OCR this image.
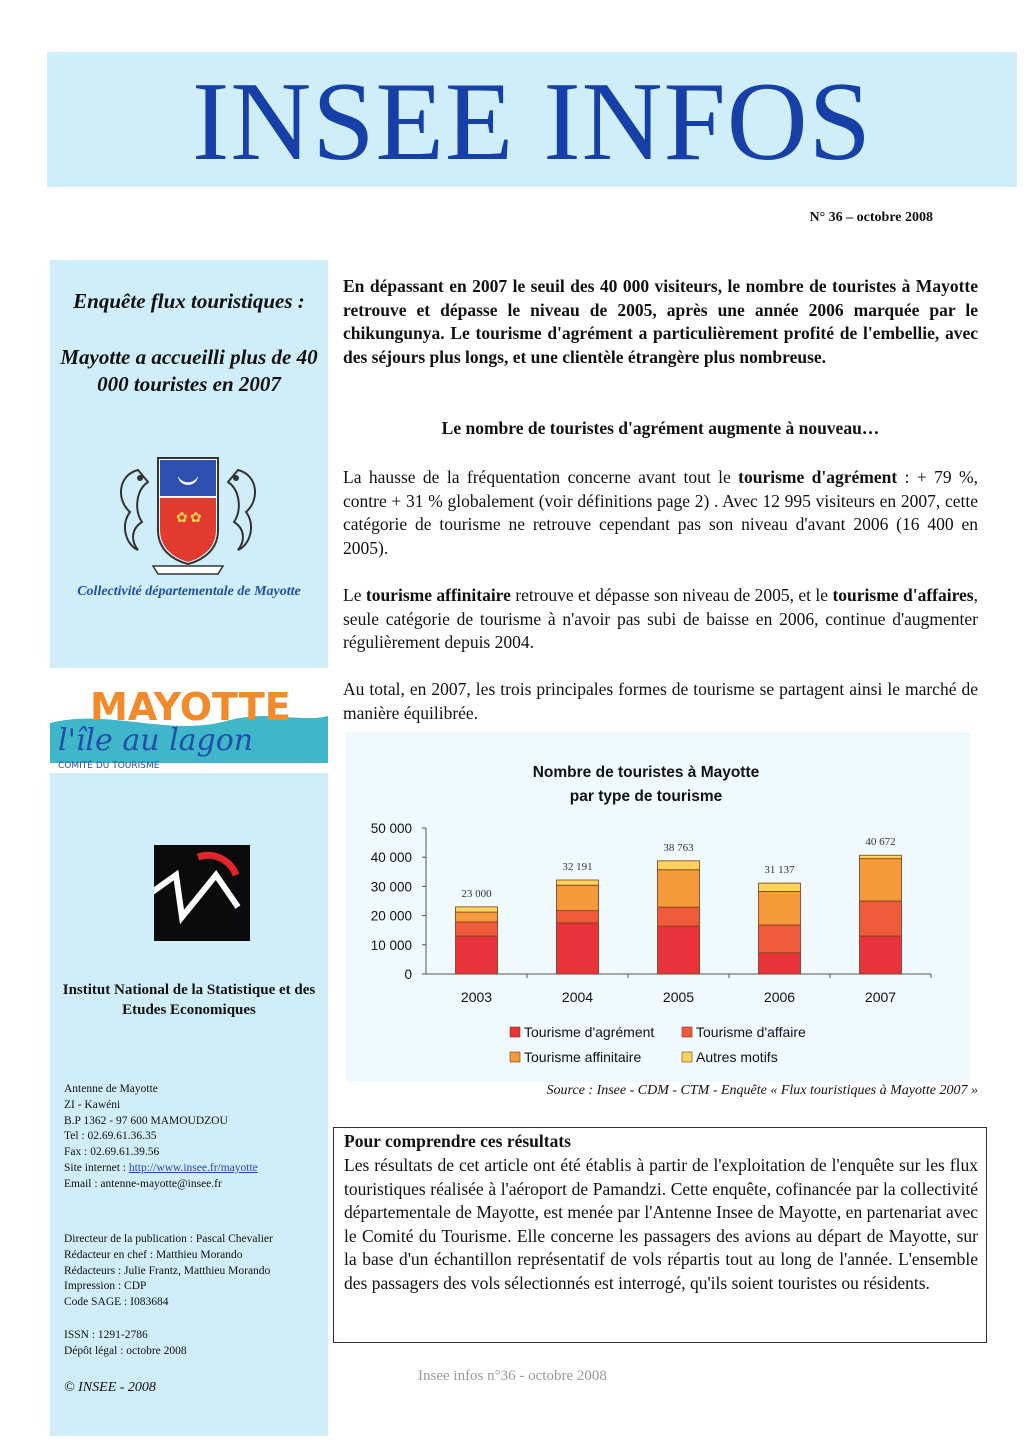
INSEE INFOS
N° 36 – octobre 2008
Enquête flux touristiques :
Mayotte a accueilli plus de 40 000 touristes en 2007
✿ ✿
Collectivité départementale de Mayotte
MAYOTTE
l'île au lagon
COMITÉ DU TOURISME
Institut National de la Statistique et des Etudes Economiques
Antenne de Mayotte
ZI - Kawéni
B.P 1362 - 97 600 MAMOUDZOU
Tel : 02.69.61.36.35
Fax : 02.69.61.39.56
Site internet : http://www.insee.fr/mayotte
Email : antenne-mayotte@insee.fr
Directeur de la publication : Pascal Chevalier
Rédacteur en chef : Matthieu Morando
Rédacteurs : Julie Frantz, Matthieu Morando
Impression : CDP
Code SAGE : I083684
ISSN : 1291-2786
Dépôt légal : octobre 2008
© INSEE - 2008
En dépassant en 2007 le seuil des 40 000 visiteurs, le nombre de touristes à Mayotte retrouve et dépasse le niveau de 2005, après une année 2006 marquée par le chikungunya. Le tourisme d'agrément a particulièrement profité de l'embellie, avec des séjours plus longs, et une clientèle étrangère plus nombreuse.
Le nombre de touristes d'agrément augmente à nouveau…
La hausse de la fréquentation concerne avant tout le tourisme d'agrément : + 79 %, contre + 31 % globalement (voir définitions page 2) . Avec 12 995 visiteurs en 2007, cette catégorie de tourisme ne retrouve cependant pas son niveau d'avant 2006 (16 400 en 2005).
Le tourisme affinitaire retrouve et dépasse son niveau de 2005, et le tourisme d'affaires, seule catégorie de tourisme à n'avoir pas subi de baisse en 2006, continue d'augmenter régulièrement depuis 2004.
Au total, en 2007, les trois principales formes de tourisme se partagent ainsi le marché de manière équilibrée.
Nombre de touristes à Mayotte
par type de tourisme
0
10 000
20 000
30 000
40 000
50 000
23 000
2003
32 191
2004
38 763
2005
31 137
2006
40 672
2007
Tourisme d'agrément	Tourisme d'affaire
Tourisme affinitaire	Autres motifs
Source : Insee - CDM - CTM - Enquête « Flux touristiques à Mayotte 2007 »
Pour comprendre ces résultats
Les résultats de cet article ont été établis à partir de l'exploitation de l'enquête sur les flux touristiques réalisée à l'aéroport de Pamandzi. Cette enquête, cofinancée par la collectivité départementale de Mayotte, est menée par l'Antenne Insee de Mayotte, en partenariat avec le Comité du Tourisme. Elle concerne les passagers des avions au départ de Mayotte, sur la base d'un échantillon représentatif de vols répartis tout au long de l'année. L'ensemble des passagers des vols sélectionnés est interrogé, qu'ils soient touristes ou résidents.
Insee infos n°36 - octobre 2008
